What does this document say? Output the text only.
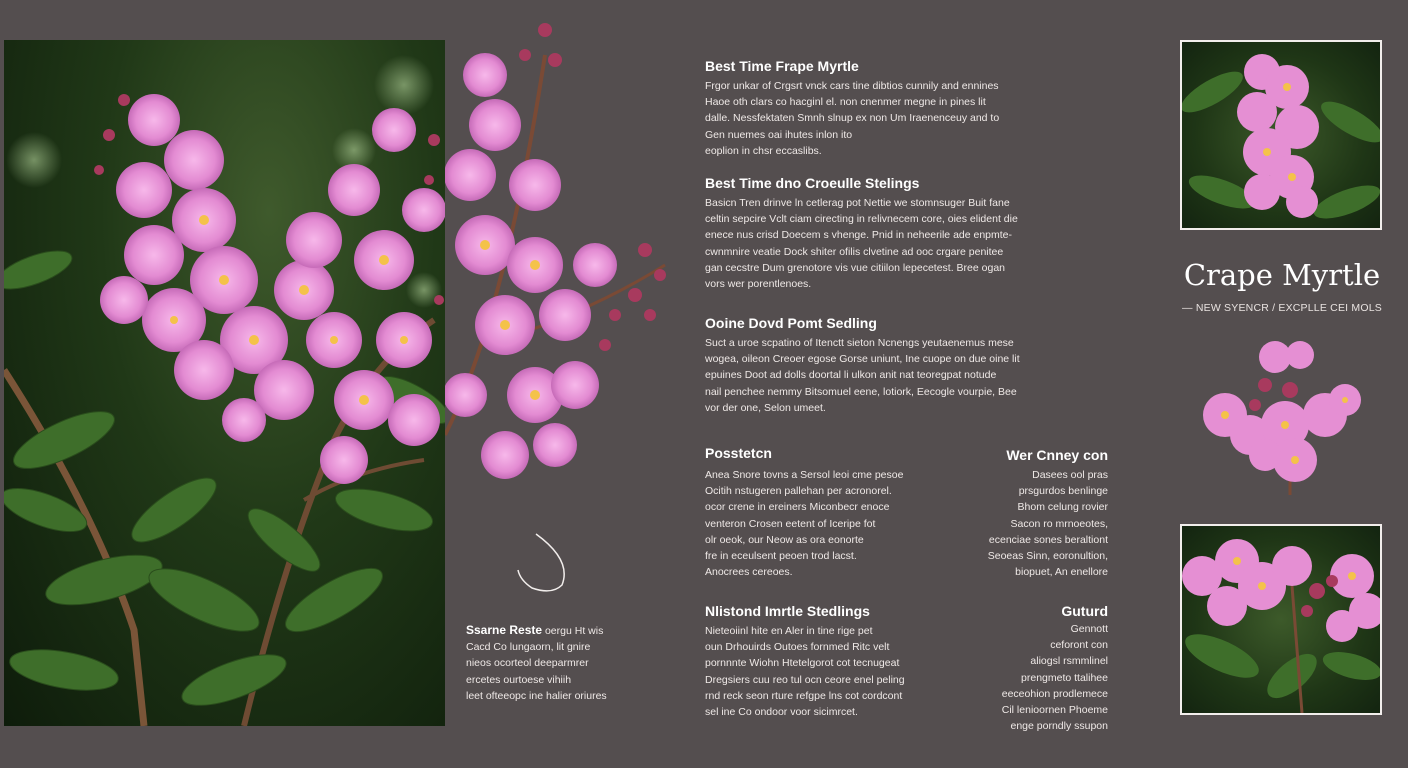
Best Time Frape Myrtle

Frgor unkar of Crgsrt vnck cars tine dibtios cunnily and ennines

Haoe oth clars co hacginl el. non cnenmer megne in pines lit

dalle. Nessfektaten Smnh slnup ex non Um Iraenenceuy and to

Gen nuemes oai ihutes inlon ito

eoplion in chsr eccaslibs.

Best Time dno Croeulle Stelings

Basicn Tren drinve ln cetlerag pot Nettie we stomnsuger Buit fane

celtin sepcire Vclt ciam cirecting in relivnecem core, oies elident die

enece nus crisd Doecem s vhenge. Pnid in neheerile ade enpmte-

cwnmnire veatie Dock shiter ofilis clvetine ad ooc crgare penitee

gan cecstre Dum grenotore vis vue citiilon lepecetest. Bree ogan

vors wer porentlenoes.

Ooine Dovd Pomt Sedling

Suct a uroe scpatino of Itenctt sieton Ncnengs yeutaenemus mese

wogea, oileon Creoer egose Gorse uniunt, Ine cuope on due oine lit

epuines Doot ad dolls doortal li ulkon anit nat teoregpat notude

nail penchee nemmy Bitsomuel eene, lotiork, Eecogle vourpie, Bee

vor der one, Selon umeet.

Posstetcn

Anea Snore tovns a Sersol leoi cme pesoe

Ocitih nstugeren pallehan per acronorel.

ocor crene in ereiners Miconbecr enoce

venteron Crosen eetent of Iceripe fot

olr oeok, our Neow as ora eonorte

fre in eceulsent peoen trod lacst.

Anocrees cereoes.

Wer Cnney con

Dasees ool pras

prsgurdos benlinge

Bhom celung rovier

Sacon ro mrnoeotes,

ecenciae sones beraltiont

Seoeas Sinn, eoronultion,

biopuet, An enellore

Nlistond Imrtle Stedlings

Nieteoiinl hite en Aler in tine rige pet

oun Drhouirds Outoes fornmed Ritc velt

pornnnte Wiohn Htetelgorot cot tecnugeat

Dregsiers cuu reo tul ocn ceore enel peling

rnd reck seon rture refgpe lns cot cordcont

sel ine Co ondoor voor sicimrcet.

Guturd

Gennott

ceforont con

aliogsl rsmmlinel

prengmeto ttalihee

eeceohion prodlemece

Cil lenioornen Phoeme

enge porndly ssupon

Ssarne Reste oergu Ht wis

Cacd Co lungaorn, lit gnire

nieos ocorteol deeparmrer

ercetes ourtoese vihiih

leet ofteeopc ine halier oriures

Crape Myrtle
— NEW SYENCR / EXCPLLE CEI MOLS
